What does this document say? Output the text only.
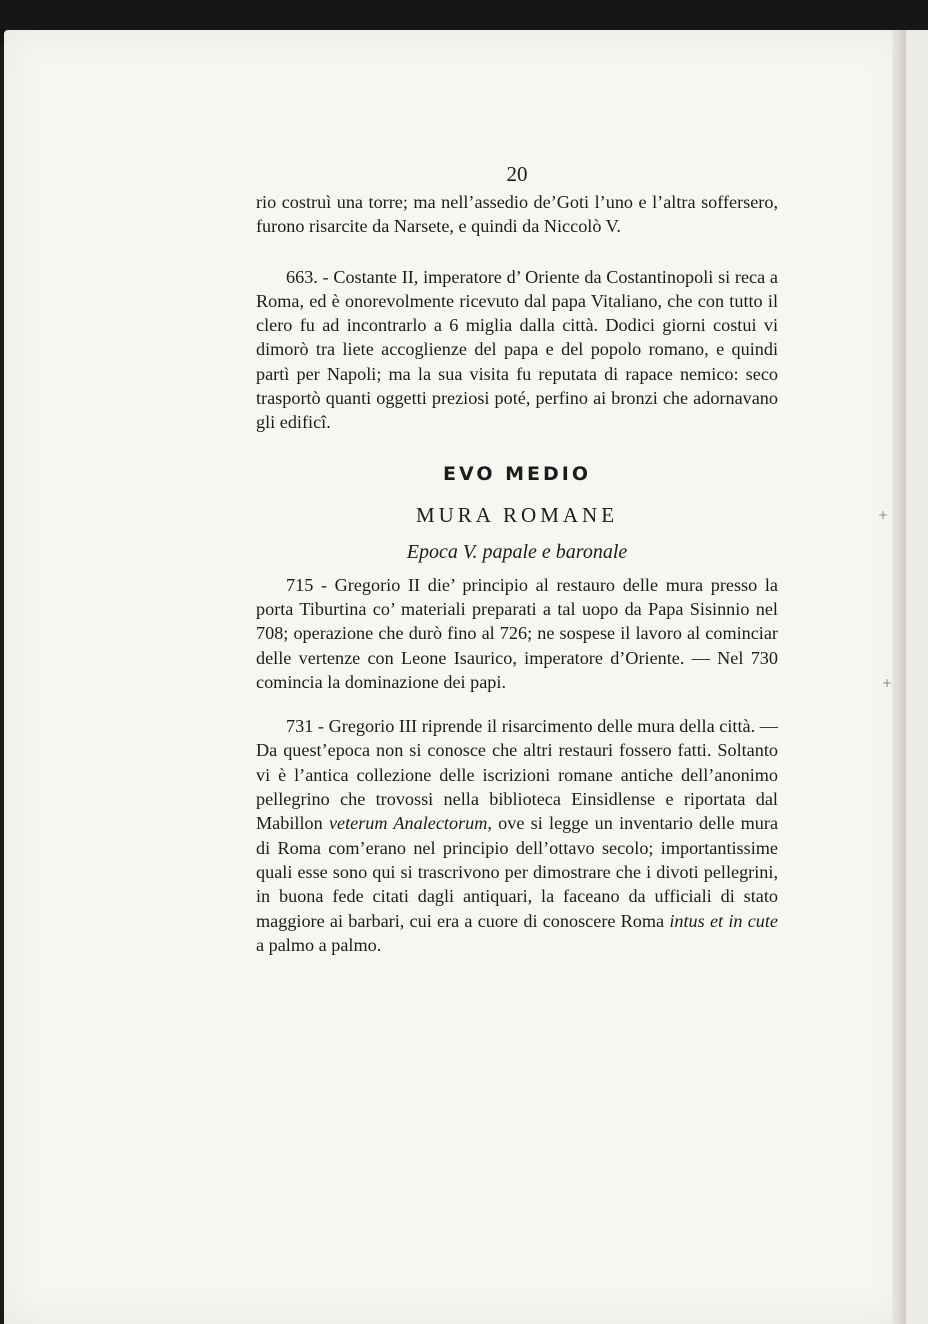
+
+
20

rio costruì una torre; ma nell’assedio de’Goti l’uno e l’altra soffersero, furono risarcite da Narsete, e quindi da Niccolò V.

663. - Costante II, imperatore d’ Oriente da Costantinopoli si reca a Roma, ed è onorevolmente ricevuto dal papa Vitaliano, che con tutto il clero fu ad incontrarlo a 6 miglia dalla città. Dodici giorni costui vi dimorò tra liete accoglienze del papa e del popolo romano, e quindi partì per Napoli; ma la sua visita fu reputata di rapace nemico: seco trasportò quanti oggetti preziosi poté, perfino ai bronzi che adornavano gli edificî.

EVO MEDIO
MURA ROMANE
Epoca V. papale e baronale

715 - Gregorio II die’ principio al restauro delle mura presso la porta Tiburtina co’ materiali preparati a tal uopo da Papa Sisinnio nel 708; operazione che durò fino al 726; ne sospese il lavoro al cominciar delle vertenze con Leone Isaurico, imperatore d’Oriente. — Nel 730 comincia la dominazione dei papi.

731 - Gregorio III riprende il risarcimento delle mura della città. — Da quest’epoca non si conosce che altri restauri fossero fatti. Soltanto vi è l’antica collezione delle iscrizioni romane antiche dell’anonimo pellegrino che trovossi nella biblioteca Einsidlense e riportata dal Mabillon veterum Analectorum, ove si legge un inventario delle mura di Roma com’erano nel principio dell’ottavo secolo; importantissime quali esse sono qui si trascrivono per dimostrare che i divoti pellegrini, in buona fede citati dagli antiquari, la faceano da ufficiali di stato maggiore ai barbari, cui era a cuore di conoscere Roma intus et in cute a palmo a palmo.
